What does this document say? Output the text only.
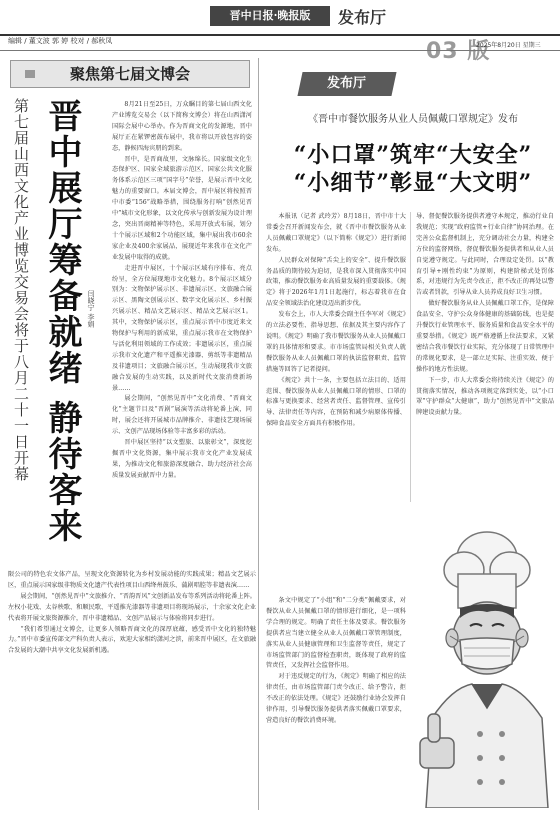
晋中日报·晚报版	发布厅
编辑 / 董文波 郭 婷 校对 / 郝秋凤	03 版
2025年8月20日 星期三
聚焦第七届文博会
第七届山西文化产业博览交易会将于八月二十一日开幕 晋中展厅筹备就绪 静待客来 闫晓宁 李娟

8月21日至25日，万众瞩目的第七届山西文化产业博览交易会（以下简称文博会）将在山西潇河国际会展中心举办。作为晋商文化的发源地，晋中展厅正在紧锣密鼓布展中，我市将以开放包容的姿态，静候四海宾朋的到来。

晋中，是晋商故里，文脉绵长。国家级文化生态保护区、国家全域旅游示范区、国家公共文化服务体系示范区三项“国字号”荣誉，是展示晋中文化魅力的重要窗口。本届文博会，晋中展区将按照晋中市委“156”战略举措，围绕服务打响“创然见晋中”城市文化形象，以文化传承与创新发展为设计理念，突出晋商精神等特色，采用开放式布展，划分十个展示区域和2个功能区域，集中展出我市60余家企业及400余家展品，展现近年来我市在文化产业发展中取得的成就。

走进晋中展区，十个展示区域有序排布、亮点纷呈，全方位展现地市文化魅力。8个展示区域分别为：文物保护展示区、非遗展示区、文旅融合展示区、黑陶文创展示区、数字文化展示区、乡村振兴展示区、精品文艺展示区、精品文艺展示区1。其中，文物保护展示区，重点展示晋中市度近来文物保护与利用的新成果，重点展示我市在文物保护与活化利用领域的工作成效；非遗展示区，重点展示我市文化遗产和平遥推光漆器、剪纸等非遗精品及非遗项目；文旅融合展示区，生动展现我市文旅融合发展的生动实践，以及新时代文旅消费新场景……

展会期间，“创然见晋中”文化消费、“晋商文化”主题节目及“晋剧”展演等活动将轮番上演，同时，展会还将开展城市品牌推介、非遗技艺现场展示、文创产品现场体验等丰富多彩的活动。

晋中展区坚持“以文塑旅、以旅彰文”，深度挖掘晋中文化资源，集中展示我市文化产业发展成果，为推动文化和旅游深度融合、助力经济社会高质量发展贡献晋中力量。

限公司的特色农文体产品，呈现文化资源转化为乡村发展动能的实践成果；精品文艺展示区，重点展示国家级非物质文化遗产代表性项目山西绛州鼓乐、蒲剧唱腔等非遗表演……

展会期间，“创然见晋中”文旅推介、“晋韵晋风”文创新品发布等系列活动将轮番上阵。左权小花戏、太谷秧歌、和顺民歌、平遥推光漆器等非遗项目将现场展示，十余家文化企业代表将开展文旅资源推介，晋中非遗精品、文创产品展示与体验将同步进行。

“我们希望通过文博会，让更多人领略晋商文化的深厚底蕴，感受晋中文化的独特魅力。”晋中市委宣传部文产科负责人表示，欢迎大家相约潇河之滨，前来晋中展区，在文旅融合发展的大潮中共享文化发展新机遇。

发布厅
《晋中市餐饮服务从业人员佩戴口罩规定》发布
“小口罩”筑牢“大安全”
“小细节”彰显“大文明”

本报讯（记者 武玲芳）8月18日，晋中市十大常委会召开新闻发布会，就《晋中市餐饮服务从业人员佩戴口罩规定》（以下简称《规定》）进行新闻发布。

人民群众对保障“舌尖上的安全”、提升餐饮服务品质的期待较为迫切，是我市深入贯彻落实中国政策，推动餐饮服务业高质量发展的重要载体。《规定》将于2026年1月1日起施行，标志着我市在食品安全领域法治化建设迈出新步伐。

发布会上，市人大常委会副主任李军对《规定》的立法必要性、指导思想、依据及其主要内容作了说明。《规定》明确了我市餐饮服务从业人员佩戴口罩的具体情形和要求。市市场监管局相关负责人就餐饮服务从业人员佩戴口罩的执法监督职责、监管措施等回答了记者提问。

《规定》共十一条，主要包括立法目的、适用范围、餐饮服务从业人员佩戴口罩的情形、口罩的标准与更换要求、经营者责任、监督管理、宣传引导、法律责任等内容，在预防和减少病原体传播、保障食品安全方面具有积极作用。

条文中规定了“小组”和“二分类”佩戴要求，对餐饮从业人员佩戴口罩的情形进行细化，是一项科学合理的规定。明确了责任主体及要求。餐饮服务提供者应当建立健全从业人员佩戴口罩管理制度，落实从业人员健康管理和卫生监督等责任，规定了市场监管部门的监督检查职责，既体现了政府的监管责任，又发挥社会监督作用。

对于违反规定的行为，《规定》明确了相应的法律责任，由市场监管部门责令改正、给予警告，拒不改正的依法处理。《规定》还鼓励行业协会发挥自律作用，引导餐饮服务提供者落实佩戴口罩要求，营造良好的餐饮消费环境。

导、督促餐饮服务提供者遵守本规定，推动行业自我规范；实现“政府监管+行业自律”协同治理。在完善公众监督机制上，充分调动社会力量，构建全方位的监督网络，督促餐饮服务提供者和从业人员自觉遵守规定。与此同时，合理设定处罚。以“教育引导+刚性约束”为原则，构建阶梯式处罚体系，对违规行为先责令改正，拒不改正的再处以警告或者罚款，引导从业人员养成良好卫生习惯。

做好餐饮服务从业人员佩戴口罩工作，是保障食品安全、守护公众身体健康的基础防线，也是提升餐饮行业管理水平、服务质量和食品安全水平的重要举措。《规定》既严格遵循上位法要求，又紧密结合我市餐饮行业实际，充分体现了日常管理中的常规化要求，是一部立足实际、注重实效、便于操作的地方性法规。

下一步，市人大常委会将持续关注《规定》的贯彻落实情况，推动各项规定落到实处，以“小口罩”守护群众“大健康”，助力“创然见晋中”文旅品牌建设贡献力量。
